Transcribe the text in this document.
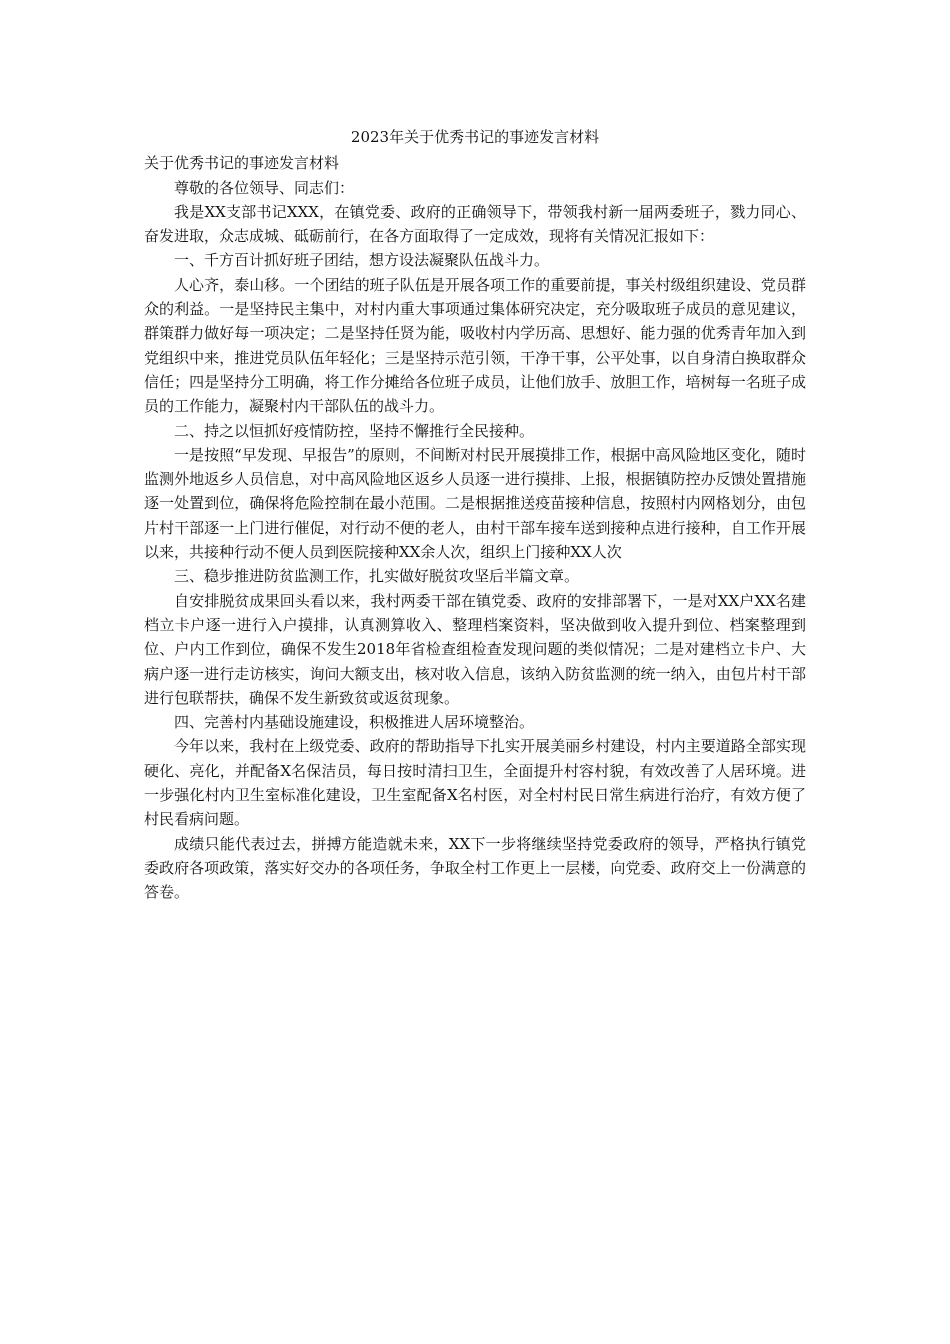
2023年关于优秀书记的事迹发言材料

关于优秀书记的事迹发言材料

尊敬的各位领导、同志们：

我是XX支部书记XXX，在镇党委、政府的正确领导下，带领我村新一届两委班子，戮力同心、奋发进取，众志成城、砥砺前行，在各方面取得了一定成效，现将有关情况汇报如下：

一、千方百计抓好班子团结，想方设法凝聚队伍战斗力。

人心齐，泰山移。一个团结的班子队伍是开展各项工作的重要前提，事关村级组织建设、党员群众的利益。一是坚持民主集中，对村内重大事项通过集体研究决定，充分吸取班子成员的意见建议，群策群力做好每一项决定；二是坚持任贤为能，吸收村内学历高、思想好、能力强的优秀青年加入到党组织中来，推进党员队伍年轻化；三是坚持示范引领，干净干事，公平处事，以自身清白换取群众信任；四是坚持分工明确，将工作分摊给各位班子成员，让他们放手、放胆工作，培树每一名班子成员的工作能力，凝聚村内干部队伍的战斗力。

二、持之以恒抓好疫情防控，坚持不懈推行全民接种。

一是按照“早发现、早报告”的原则，不间断对村民开展摸排工作，根据中高风险地区变化，随时监测外地返乡人员信息，对中高风险地区返乡人员逐一进行摸排、上报，根据镇防控办反馈处置措施逐一处置到位，确保将危险控制在最小范围。二是根据推送疫苗接种信息，按照村内网格划分，由包片村干部逐一上门进行催促，对行动不便的老人，由村干部车接车送到接种点进行接种，自工作开展以来，共接种行动不便人员到医院接种XX余人次，组织上门接种XX人次

三、稳步推进防贫监测工作，扎实做好脱贫攻坚后半篇文章。

自安排脱贫成果回头看以来，我村两委干部在镇党委、政府的安排部署下，一是对XX户XX名建档立卡户逐一进行入户摸排，认真测算收入、整理档案资料，坚决做到收入提升到位、档案整理到位、户内工作到位，确保不发生2018年省检查组检查发现问题的类似情况；二是对建档立卡户、大病户逐一进行走访核实，询问大额支出，核对收入信息，该纳入防贫监测的统一纳入，由包片村干部进行包联帮扶，确保不发生新致贫或返贫现象。

四、完善村内基础设施建设，积极推进人居环境整治。

今年以来，我村在上级党委、政府的帮助指导下扎实开展美丽乡村建设，村内主要道路全部实现硬化、亮化，并配备X名保洁员，每日按时清扫卫生，全面提升村容村貌，有效改善了人居环境。进一步强化村内卫生室标准化建设，卫生室配备X名村医，对全村村民日常生病进行治疗，有效方便了村民看病问题。

成绩只能代表过去，拼搏方能造就未来，XX下一步将继续坚持党委政府的领导，严格执行镇党委政府各项政策，落实好交办的各项任务，争取全村工作更上一层楼，向党委、政府交上一份满意的答卷。
